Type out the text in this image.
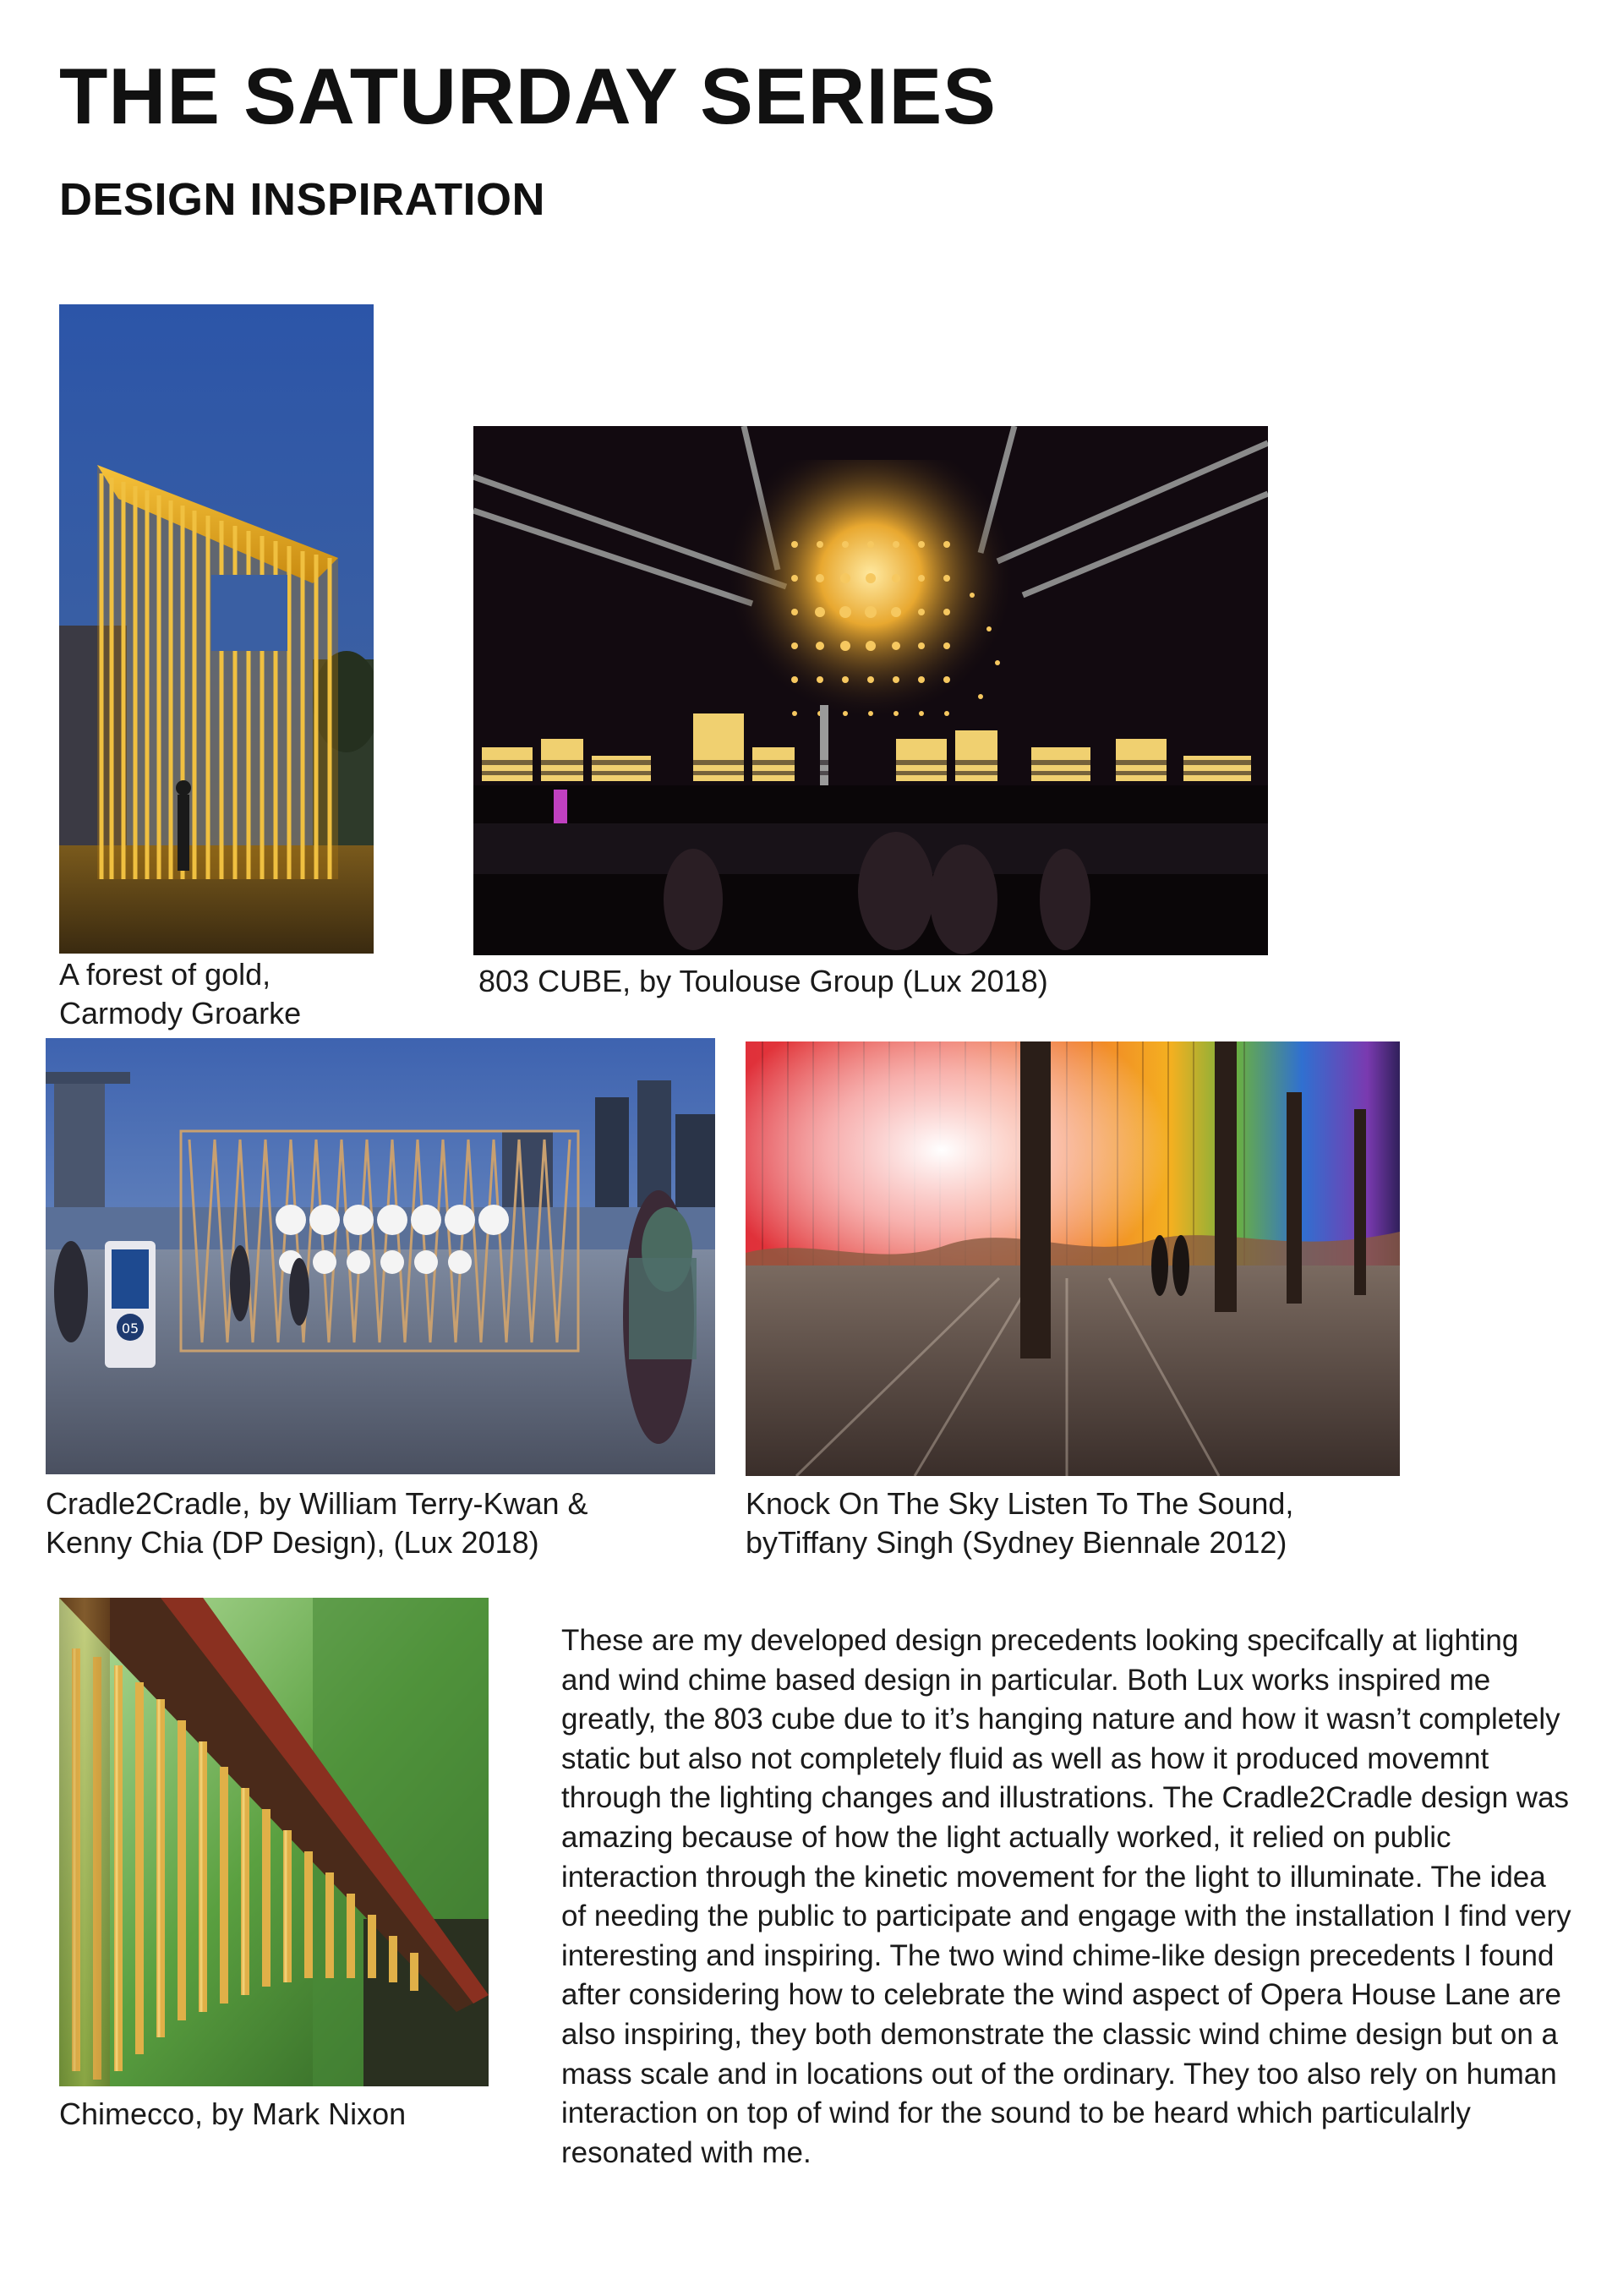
THE SATURDAY SERIES
DESIGN INSPIRATION

A forest of gold,
Carmody Groarke

803 CUBE, by Toulouse Group (Lux 2018)

05

Cradle2Cradle, by William Terry-Kwan &
Kenny Chia (DP Design), (Lux 2018)

Knock On The Sky Listen To The Sound,
byTiffany Singh (Sydney Biennale 2012)

Chimecco, by Mark Nixon

These are my developed design precedents looking specifcally at lighting and wind chime based design in particular. Both Lux works inspired me greatly, the 803 cube due to it’s hanging nature and how it wasn’t completely static but also not completely fluid as well as how it produced movemnt through the lighting changes and illustrations. The Cradle2Cradle design was amazing because of how the light actually worked, it relied on public interaction through the kinetic movement for the light to illuminate. The idea of needing the public to participate and engage with the installation I find very interesting and inspiring. The two wind chime-like design precedents I found after considering how to celebrate the wind aspect of Opera House Lane are also inspiring, they both demonstrate the classic wind chime design but on a mass scale and in locations out of the ordinary. They too also rely on human interaction on top of wind for the sound to be heard which particulalrly resonated with me.
